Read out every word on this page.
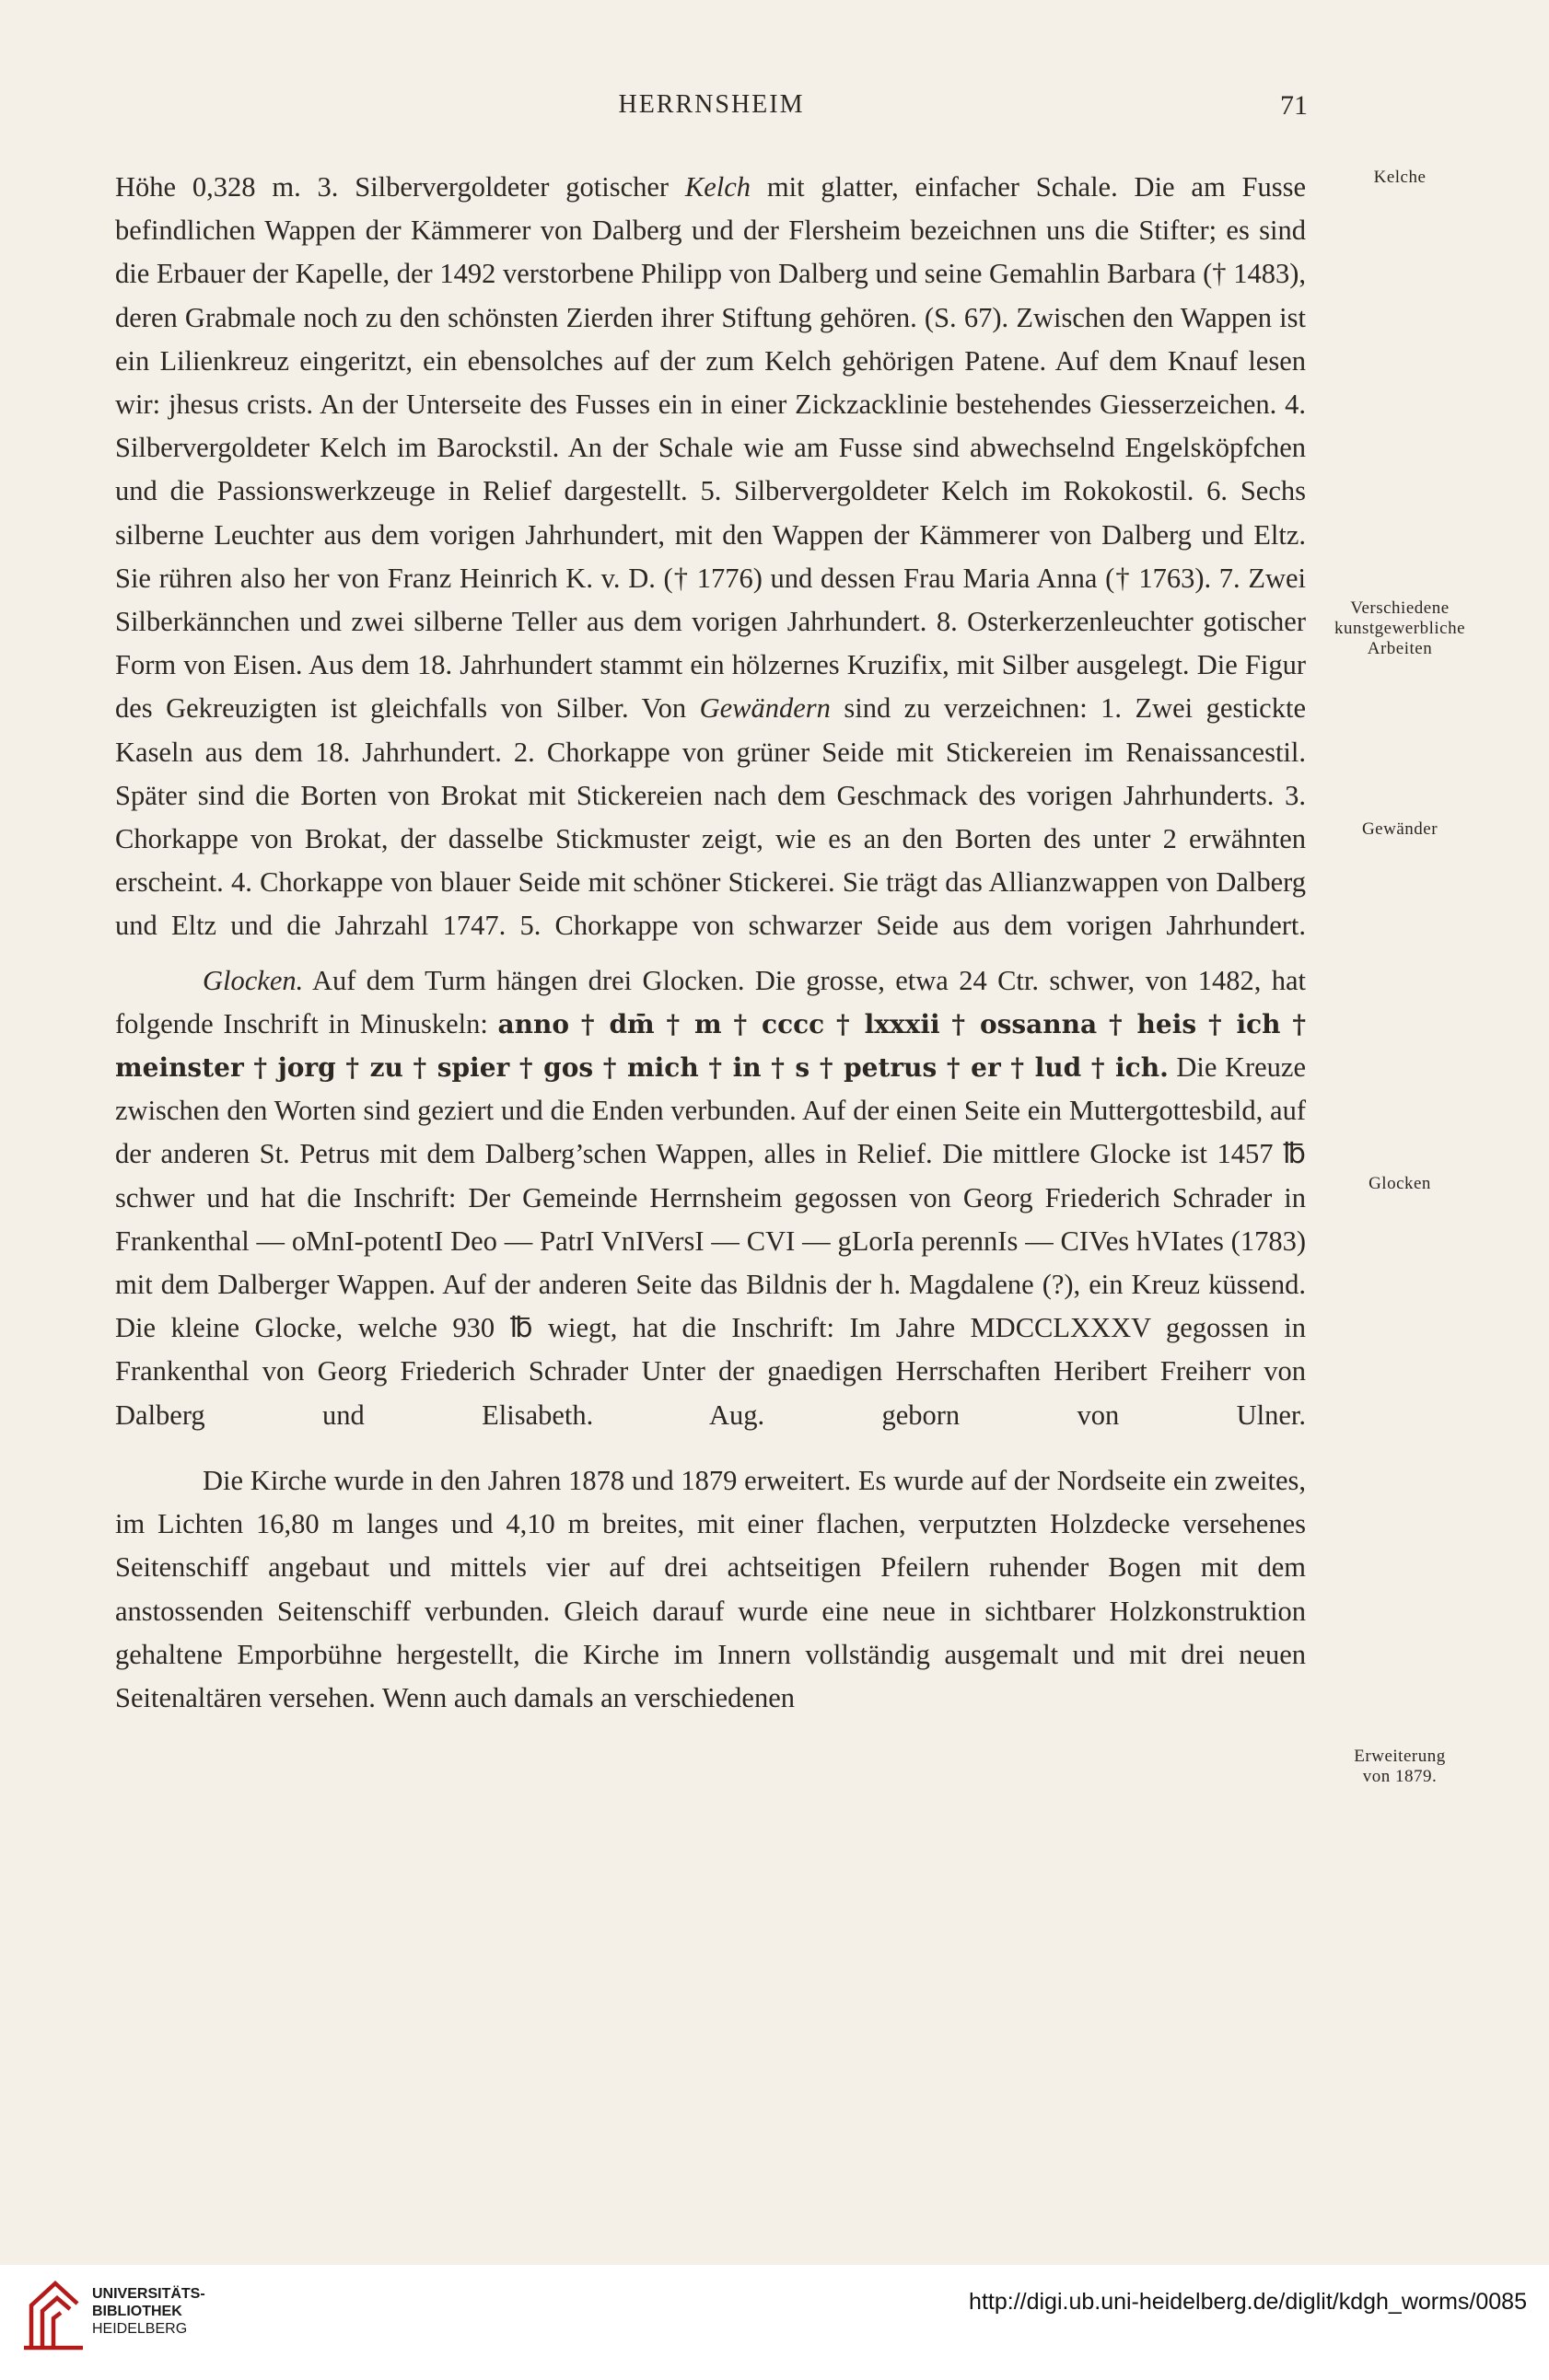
HERRNSHEIM	71

Höhe 0,328 m. 3. Silbervergoldeter gotischer Kelch mit glatter, einfacher Schale. Die am Fusse befindlichen Wappen der Kämmerer von Dalberg und der Flersheim bezeichnen uns die Stifter; es sind die Erbauer der Kapelle, der 1492 verstorbene Philipp von Dalberg und seine Gemahlin Barbara († 1483), deren Grabmale noch zu den schönsten Zierden ihrer Stiftung gehören. (S. 67). Zwischen den Wappen ist ein Lilienkreuz eingeritzt, ein ebensolches auf der zum Kelch gehörigen Patene. Auf dem Knauf lesen wir: jhesus crists. An der Unterseite des Fusses ein in einer Zickzacklinie bestehendes Giesserzeichen. 4. Silbervergoldeter Kelch im Barockstil. An der Schale wie am Fusse sind abwechselnd Engelsköpfchen und die Passionswerkzeuge in Relief dargestellt. 5. Silbervergoldeter Kelch im Rokokostil. 6. Sechs silberne Leuchter aus dem vorigen Jahrhundert, mit den Wappen der Kämmerer von Dalberg und Eltz. Sie rühren also her von Franz Heinrich K. v. D. († 1776) und dessen Frau Maria Anna († 1763). 7. Zwei Silberkännchen und zwei silberne Teller aus dem vorigen Jahrhundert. 8. Osterkerzenleuchter gotischer Form von Eisen. Aus dem 18. Jahrhundert stammt ein hölzernes Kruzifix, mit Silber ausgelegt. Die Figur des Gekreuzigten ist gleichfalls von Silber. Von Gewändern sind zu verzeichnen: 1. Zwei gestickte Kaseln aus dem 18. Jahrhundert. 2. Chorkappe von grüner Seide mit Stickereien im Renaissancestil. Später sind die Borten von Brokat mit Stickereien nach dem Geschmack des vorigen Jahrhunderts. 3. Chorkappe von Brokat, der dasselbe Stickmuster zeigt, wie es an den Borten des unter 2 erwähnten erscheint. 4. Chorkappe von blauer Seide mit schöner Stickerei. Sie trägt das Allianzwappen von Dalberg und Eltz und die Jahrzahl 1747. 5. Chorkappe von schwarzer Seide aus dem vorigen Jahrhundert.

Glocken. Auf dem Turm hängen drei Glocken. Die grosse, etwa 24 Ctr. schwer, von 1482, hat folgende Inschrift in Minuskeln: anno † dm̄ † m † cccc † lxxxii † ossanna † heis † ich † meinster † jorg † zu † spier † gos † mich † in † s † petrus † er † lud † ich. Die Kreuze zwischen den Worten sind geziert und die Enden verbunden. Auf der einen Seite ein Muttergottesbild, auf der anderen St. Petrus mit dem Dalberg’schen Wappen, alles in Relief. Die mittlere Glocke ist 1457 ℔ schwer und hat die Inschrift: Der Gemeinde Herrnsheim gegossen von Georg Friederich Schrader in Frankenthal — oMnI-potentI Deo — PatrI VnIVersI — CVI — gLorIa perennIs — CIVes hVIates (1783) mit dem Dalberger Wappen. Auf der anderen Seite das Bildnis der h. Magdalene (?), ein Kreuz küssend. Die kleine Glocke, welche 930 ℔ wiegt, hat die Inschrift: Im Jahre MDCCLXXXV gegossen in Frankenthal von Georg Friederich Schrader Unter der gnaedigen Herrschaften Heribert Freiherr von Dalberg und Elisabeth. Aug. geborn von Ulner.

Die Kirche wurde in den Jahren 1878 und 1879 erweitert. Es wurde auf der Nordseite ein zweites, im Lichten 16,80 m langes und 4,10 m breites, mit einer flachen, verputzten Holzdecke versehenes Seitenschiff angebaut und mittels vier auf drei achtseitigen Pfeilern ruhender Bogen mit dem anstossenden Seitenschiff verbunden. Gleich darauf wurde eine neue in sichtbarer Holzkonstruktion gehaltene Emporbühne hergestellt, die Kirche im Innern vollständig ausgemalt und mit drei neuen Seitenaltären versehen. Wenn auch damals an verschiedenen

Kelche
Verschiedene
kunstgewerbliche
Arbeiten
Gewänder
Glocken
Erweiterung
von 1879.
UNIVERSITÄTS-
BIBLIOTHEK
HEIDELBERG
http://digi.ub.uni-heidelberg.de/diglit/kdgh_worms/0085
